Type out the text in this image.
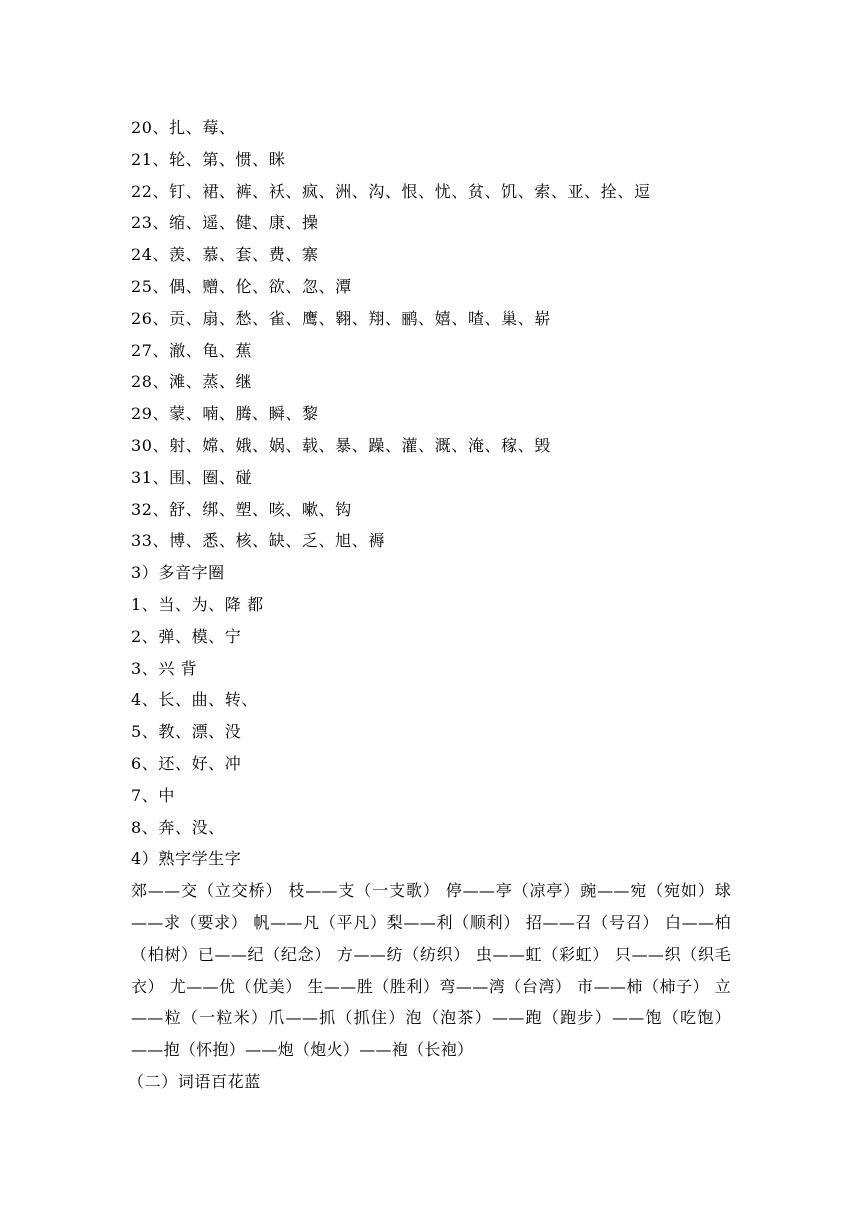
20、扎、莓、
21、轮、第、惯、眯
22、钉、裙、裤、袄、疯、洲、沟、恨、忧、贫、饥、索、亚、拴、逗
23、缩、遥、健、康、操
24、羡、慕、套、费、寨
25、偶、赠、伦、欲、忽、潭
26、贡、扇、愁、雀、鹰、翱、翔、鹂、嬉、喳、巢、崭
27、澈、龟、蕉
28、滩、蒸、继
29、蒙、喃、腾、瞬、黎
30、射、嫦、娥、娲、载、暴、躁、灌、溉、淹、稼、毁
31、围、圈、碰
32、舒、绑、塑、咳、嗽、钩
33、博、悉、核、缺、乏、旭、褥
3）多音字圈
1、当、为、降 都
2、弹、模、宁
3、兴 背
4、长、曲、转、
5、教、漂、没
6、还、好、冲
7、中
8、奔、没、
4）熟字学生字
郊——交（立交桥） 枝——支（一支歌） 停——亭（凉亭）豌——宛（宛如）球——求（要求） 帆——凡（平凡）梨——利（顺利） 招——召（号召） 白——柏（柏树）已——纪（纪念） 方——纺（纺织） 虫——虹（彩虹） 只——织（织毛衣） 尤——优（优美） 生——胜（胜利）弯——湾（台湾） 市——柿（柿子） 立——粒（一粒米）爪——抓（抓住）泡（泡茶）——跑（跑步）——饱（吃饱）——抱（怀抱）——炮（炮火）——袍（长袍）
（二）词语百花蓝
